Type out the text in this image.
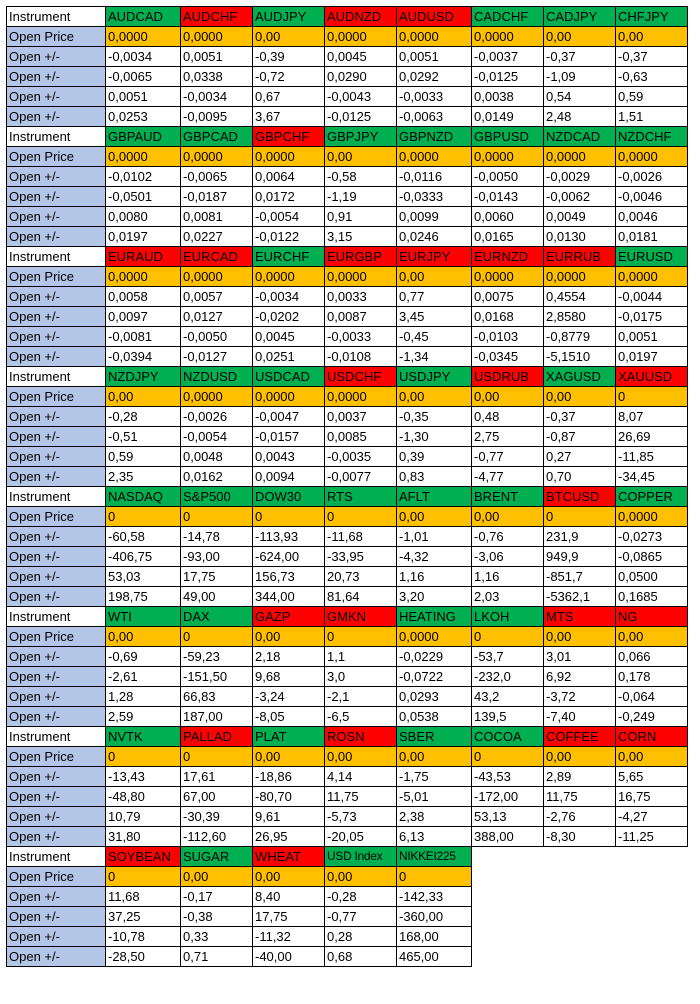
Instrument	AUDCAD	AUDCHF	AUDJPY	AUDNZD	AUDUSD	CADCHF	CADJPY	CHFJPY
Open Price	0,0000	0,0000	0,00	0,0000	0,0000	0,0000	0,00	0,00
Open +/-	-0,0034	0,0051	-0,39	0,0045	0,0051	-0,0037	-0,37	-0,37
Open +/-	-0,0065	0,0338	-0,72	0,0290	0,0292	-0,0125	-1,09	-0,63
Open +/-	0,0051	-0,0034	0,67	-0,0043	-0,0033	0,0038	0,54	0,59
Open +/-	0,0253	-0,0095	3,67	-0,0125	-0,0063	0,0149	2,48	1,51
Instrument	GBPAUD	GBPCAD	GBPCHF	GBPJPY	GBPNZD	GBPUSD	NZDCAD	NZDCHF
Open Price	0,0000	0,0000	0,0000	0,00	0,0000	0,0000	0,0000	0,0000
Open +/-	-0,0102	-0,0065	0,0064	-0,58	-0,0116	-0,0050	-0,0029	-0,0026
Open +/-	-0,0501	-0,0187	0,0172	-1,19	-0,0333	-0,0143	-0,0062	-0,0046
Open +/-	0,0080	0,0081	-0,0054	0,91	0,0099	0,0060	0,0049	0,0046
Open +/-	0,0197	0,0227	-0,0122	3,15	0,0246	0,0165	0,0130	0,0181
Instrument	EURAUD	EURCAD	EURCHF	EURGBP	EURJPY	EURNZD	EURRUB	EURUSD
Open Price	0,0000	0,0000	0,0000	0,0000	0,00	0,0000	0,0000	0,0000
Open +/-	0,0058	0,0057	-0,0034	0,0033	0,77	0,0075	0,4554	-0,0044
Open +/-	0,0097	0,0127	-0,0202	0,0087	3,45	0,0168	2,8580	-0,0175
Open +/-	-0,0081	-0,0050	0,0045	-0,0033	-0,45	-0,0103	-0,8779	0,0051
Open +/-	-0,0394	-0,0127	0,0251	-0,0108	-1,34	-0,0345	-5,1510	0,0197
Instrument	NZDJPY	NZDUSD	USDCAD	USDCHF	USDJPY	USDRUB	XAGUSD	XAUUSD
Open Price	0,00	0,0000	0,0000	0,0000	0,00	0,00	0,00	0
Open +/-	-0,28	-0,0026	-0,0047	0,0037	-0,35	0,48	-0,37	8,07
Open +/-	-0,51	-0,0054	-0,0157	0,0085	-1,30	2,75	-0,87	26,69
Open +/-	0,59	0,0048	0,0043	-0,0035	0,39	-0,77	0,27	-11,85
Open +/-	2,35	0,0162	0,0094	-0,0077	0,83	-4,77	0,70	-34,45
Instrument	NASDAQ	S&P500	DOW30	RTS	AFLT	BRENT	BTCUSD	COPPER
Open Price	0	0	0	0	0,00	0,00	0	0,0000
Open +/-	-60,58	-14,78	-113,93	-11,68	-1,01	-0,76	231,9	-0,0273
Open +/-	-406,75	-93,00	-624,00	-33,95	-4,32	-3,06	949,9	-0,0865
Open +/-	53,03	17,75	156,73	20,73	1,16	1,16	-851,7	0,0500
Open +/-	198,75	49,00	344,00	81,64	3,20	2,03	-5362,1	0,1685
Instrument	WTI	DAX	GAZP	GMKN	HEATING	LKOH	MTS	NG
Open Price	0,00	0	0,00	0	0,0000	0	0,00	0,00
Open +/-	-0,69	-59,23	2,18	1,1	-0,0229	-53,7	3,01	0,066
Open +/-	-2,61	-151,50	9,68	3,0	-0,0722	-232,0	6,92	0,178
Open +/-	1,28	66,83	-3,24	-2,1	0,0293	43,2	-3,72	-0,064
Open +/-	2,59	187,00	-8,05	-6,5	0,0538	139,5	-7,40	-0,249
Instrument	NVTK	PALLAD	PLAT	ROSN	SBER	COCOA	COFFEE	CORN
Open Price	0	0	0,00	0,00	0,00	0	0,00	0,00
Open +/-	-13,43	17,61	-18,86	4,14	-1,75	-43,53	2,89	5,65
Open +/-	-48,80	67,00	-80,70	11,75	-5,01	-172,00	11,75	16,75
Open +/-	10,79	-30,39	9,61	-5,73	2,38	53,13	-2,76	-4,27
Open +/-	31,80	-112,60	26,95	-20,05	6,13	388,00	-8,30	-11,25
Instrument	SOYBEAN	SUGAR	WHEAT	USD Index	NIKKEI225			
Open Price	0	0,00	0,00	0,00	0			
Open +/-	11,68	-0,17	8,40	-0,28	-142,33			
Open +/-	37,25	-0,38	17,75	-0,77	-360,00			
Open +/-	-10,78	0,33	-11,32	0,28	168,00			
Open +/-	-28,50	0,71	-40,00	0,68	465,00			
